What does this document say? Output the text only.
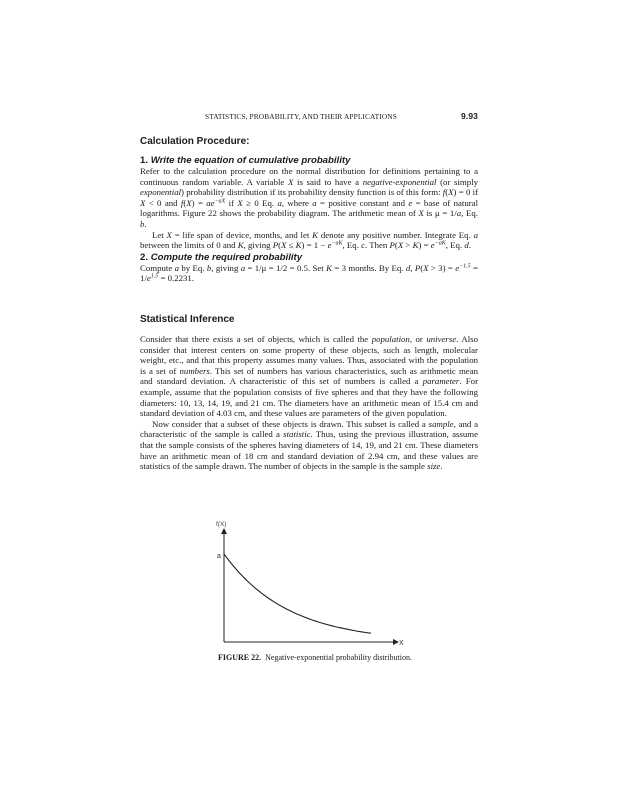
STATISTICS, PROBABILITY, AND THEIR APPLICATIONS	9.93
Calculation Procedure:
1. Write the equation of cumulative probability

Refer to the calculation procedure on the normal distribution for definitions pertaining to a continuous random variable. A variable X is said to have a negative-exponential (or simply exponential) probability distribution if its probability density function is of this form: f(X) = 0 if X < 0 and $f(X) = ae^{-aX}$ if X ≥ 0 Eq. a, where a = positive constant and e = base of natural logarithms. Figure 22 shows the probability diagram. The arithmetic mean of X is μ = 1/a, Eq. b.

Let X = life span of device, months, and let K denote any positive number. Integrate Eq. a between the limits of 0 and K, giving $P(X \le K) = 1 - e^{-aK}$, Eq. c. Then $P(X > K) = e^{-aK}$, Eq. d.

2. Compute the required probability

Compute a by Eq. b, giving a = 1/μ = 1/2 = 0.5. Set K = 3 months. By Eq. d, $P(X > 3) = e^{-1.5} = 1/e^{1.5} = 0.2231$.

Statistical Inference

Consider that there exists a set of objects, which is called the population, or universe. Also consider that interest centers on some property of these objects, such as length, molecular weight, etc., and that this property assumes many values. Thus, associated with the population is a set of numbers. This set of numbers has various characteristics, such as arithmetic mean and standard deviation. A characteristic of this set of numbers is called a parameter. For example, assume that the population consists of five spheres and that they have the following diameters: 10, 13, 14, 19, and 21 cm. The diameters have an arithmetic mean of 15.4 cm and standard deviation of 4.03 cm, and these values are parameters of the given population.

Now consider that a subset of these objects is drawn. This subset is called a sample, and a characteristic of the sample is called a statistic. Thus, using the previous illustration, assume that the sample consists of the spheres having diameters of 14, 19, and 21 cm. These diameters have an arithmetic mean of 18 cm and standard deviation of 2.94 cm, and these values are statistics of the sample drawn. The number of objects in the sample is the sample size.

f(X)
a
X
FIGURE 22. Negative-exponential probability distribution.
